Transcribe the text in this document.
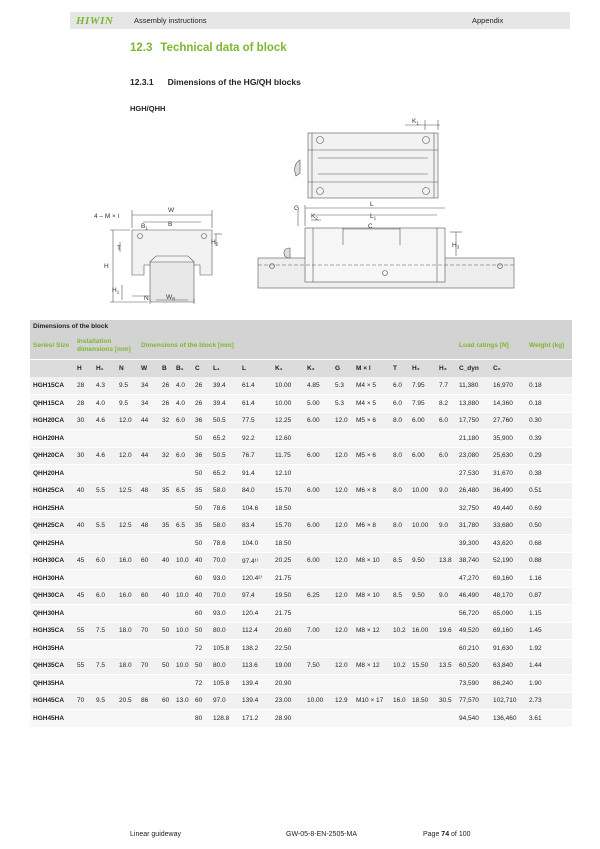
HIWIN	Assembly instructions	Appendix
12.3 Technical data of block
12.3.1 Dimensions of the HG/QH blocks
HGH/QHH
$K_1$
W
4 – M × l
$B_1$	B
T
H
$H_1$
$H_2$
N	$W_R$
G
$K_2$
L
$L_1$
C
$H_3$
Dimensions of the block																			
Series/ Size	Installation dimensions [mm]			Dimensions of the block [mm]													Load ratings [N]		Weight (kg)
	H	H₁	N	W	B	B₁	C	L₁	L	K₁	K₂	G	M × l	T	H₂	H₃	C_dyn	C₀	
HGH15CA	28	4.3	9.5	34	26	4.0	26	39.4	61.4	10.00	4.85	5.3	M4 × 5	6.0	7.95	7.7	11,380	16,970	0.18
QHH15CA	28	4.0	9.5	34	26	4.0	26	39.4	61.4	10.00	5.00	5.3	M4 × 5	6.0	7.95	8.2	13,880	14,360	0.18
HGH20CA	30	4.6	12.0	44	32	6.0	36	50.5	77.5	12.25	6.00	12.0	M5 × 6	8.0	6.00	6.0	17,750	27,760	0.30
HGH20HA							50	65.2	92.2	12.60							21,180	35,900	0.39
QHH20CA	30	4.6	12.0	44	32	6.0	36	50.5	76.7	11.75	6.00	12.0	M5 × 6	8.0	6.00	6.0	23,080	25,630	0.29
QHH20HA							50	65.2	91.4	12.10							27,530	31,670	0.38
HGH25CA	40	5.5	12.5	48	35	6.5	35	58.0	84.0	15.70	6.00	12.0	M6 × 8	8.0	10.00	9.0	26,480	36,490	0.51
HGH25HA							50	78.6	104.6	18.50							32,750	49,440	0.69
QHH25CA	40	5.5	12.5	48	35	6.5	35	58.0	83.4	15.70	6.00	12.0	M6 × 8	8.0	10.00	9.0	31,780	33,680	0.50
QHH25HA							50	78.6	104.0	18.50							39,300	43,620	0.68
HGH30CA	45	6.0	16.0	60	40	10.0	40	70.0	97.4¹⁾	20.25	6.00	12.0	M8 × 10	8.5	9.50	13.8	38,740	52,190	0.88
HGH30HA							60	93.0	120.4²⁾	21.75							47,270	69,160	1.16
QHH30CA	45	6.0	16.0	60	40	10.0	40	70.0	97.4	19.50	6.25	12.0	M8 × 10	8.5	9.50	9.0	46,490	48,170	0.87
QHH30HA							60	93.0	120.4	21.75							56,720	65,090	1.15
HGH35CA	55	7.5	18.0	70	50	10.0	50	80.0	112.4	20.60	7.00	12.0	M8 × 12	10.2	16.00	19.6	49,520	69,160	1.45
HGH35HA							72	105.8	138.2	22.50							60,210	91,630	1.92
QHH35CA	55	7.5	18.0	70	50	10.0	50	80.0	113.6	19.00	7.50	12.0	M8 × 12	10.2	15.50	13.5	60,520	63,840	1.44
QHH35HA							72	105.8	139.4	20.90							73,590	86,240	1.90
HGH45CA	70	9.5	20.5	86	60	13.0	60	97.0	139.4	23.00	10.00	12.9	M10 × 17	16.0	18.50	30.5	77,570	102,710	2.73
HGH45HA							80	128.8	171.2	28.90							94,540	136,460	3.61
Linear guideway	GW-05-8-EN-2505-MA	Page 74 of 100
